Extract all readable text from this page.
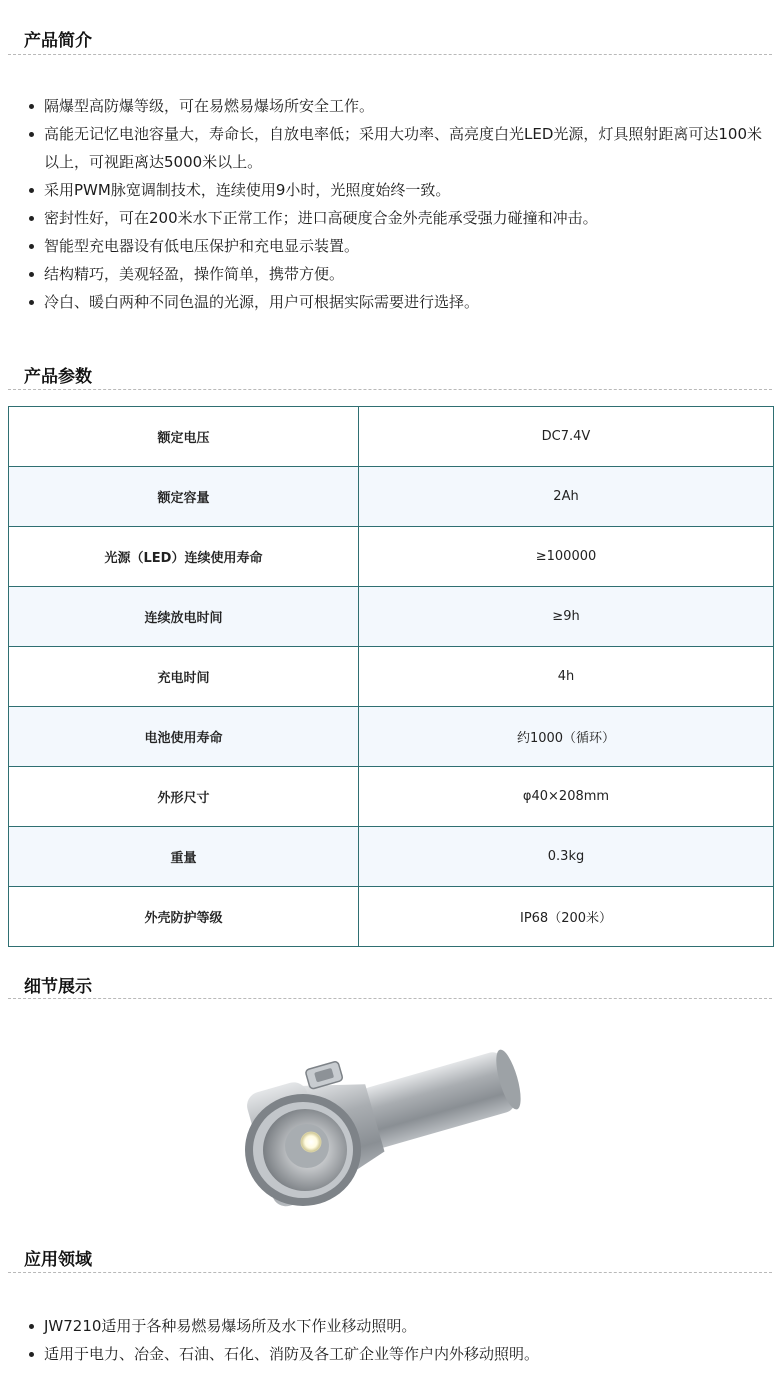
产品简介
隔爆型高防爆等级，可在易燃易爆场所安全工作。
高能无记忆电池容量大，寿命长，自放电率低；采用大功率、高亮度白光LED光源，灯具照射距离可达100米以上，可视距离达5000米以上。
采用PWM脉宽调制技术，连续使用9小时，光照度始终一致。
密封性好，可在200米水下正常工作；进口高硬度合金外壳能承受强力碰撞和冲击。
智能型充电器设有低电压保护和充电显示装置。
结构精巧，美观轻盈，操作简单，携带方便。
冷白、暖白两种不同色温的光源，用户可根据实际需要进行选择。
产品参数
额定电压	DC7.4V
额定容量	2Ah
光源（LED）连续使用寿命	≥100000
连续放电时间	≥9h
充电时间	4h
电池使用寿命	约1000（循环）
外形尺寸	φ40×208mm
重量	0.3kg
外壳防护等级	IP68（200米）
细节展示
应用领域
JW7210适用于各种易燃易爆场所及水下作业移动照明。
适用于电力、冶金、石油、石化、消防及各工矿企业等作户内外移动照明。
